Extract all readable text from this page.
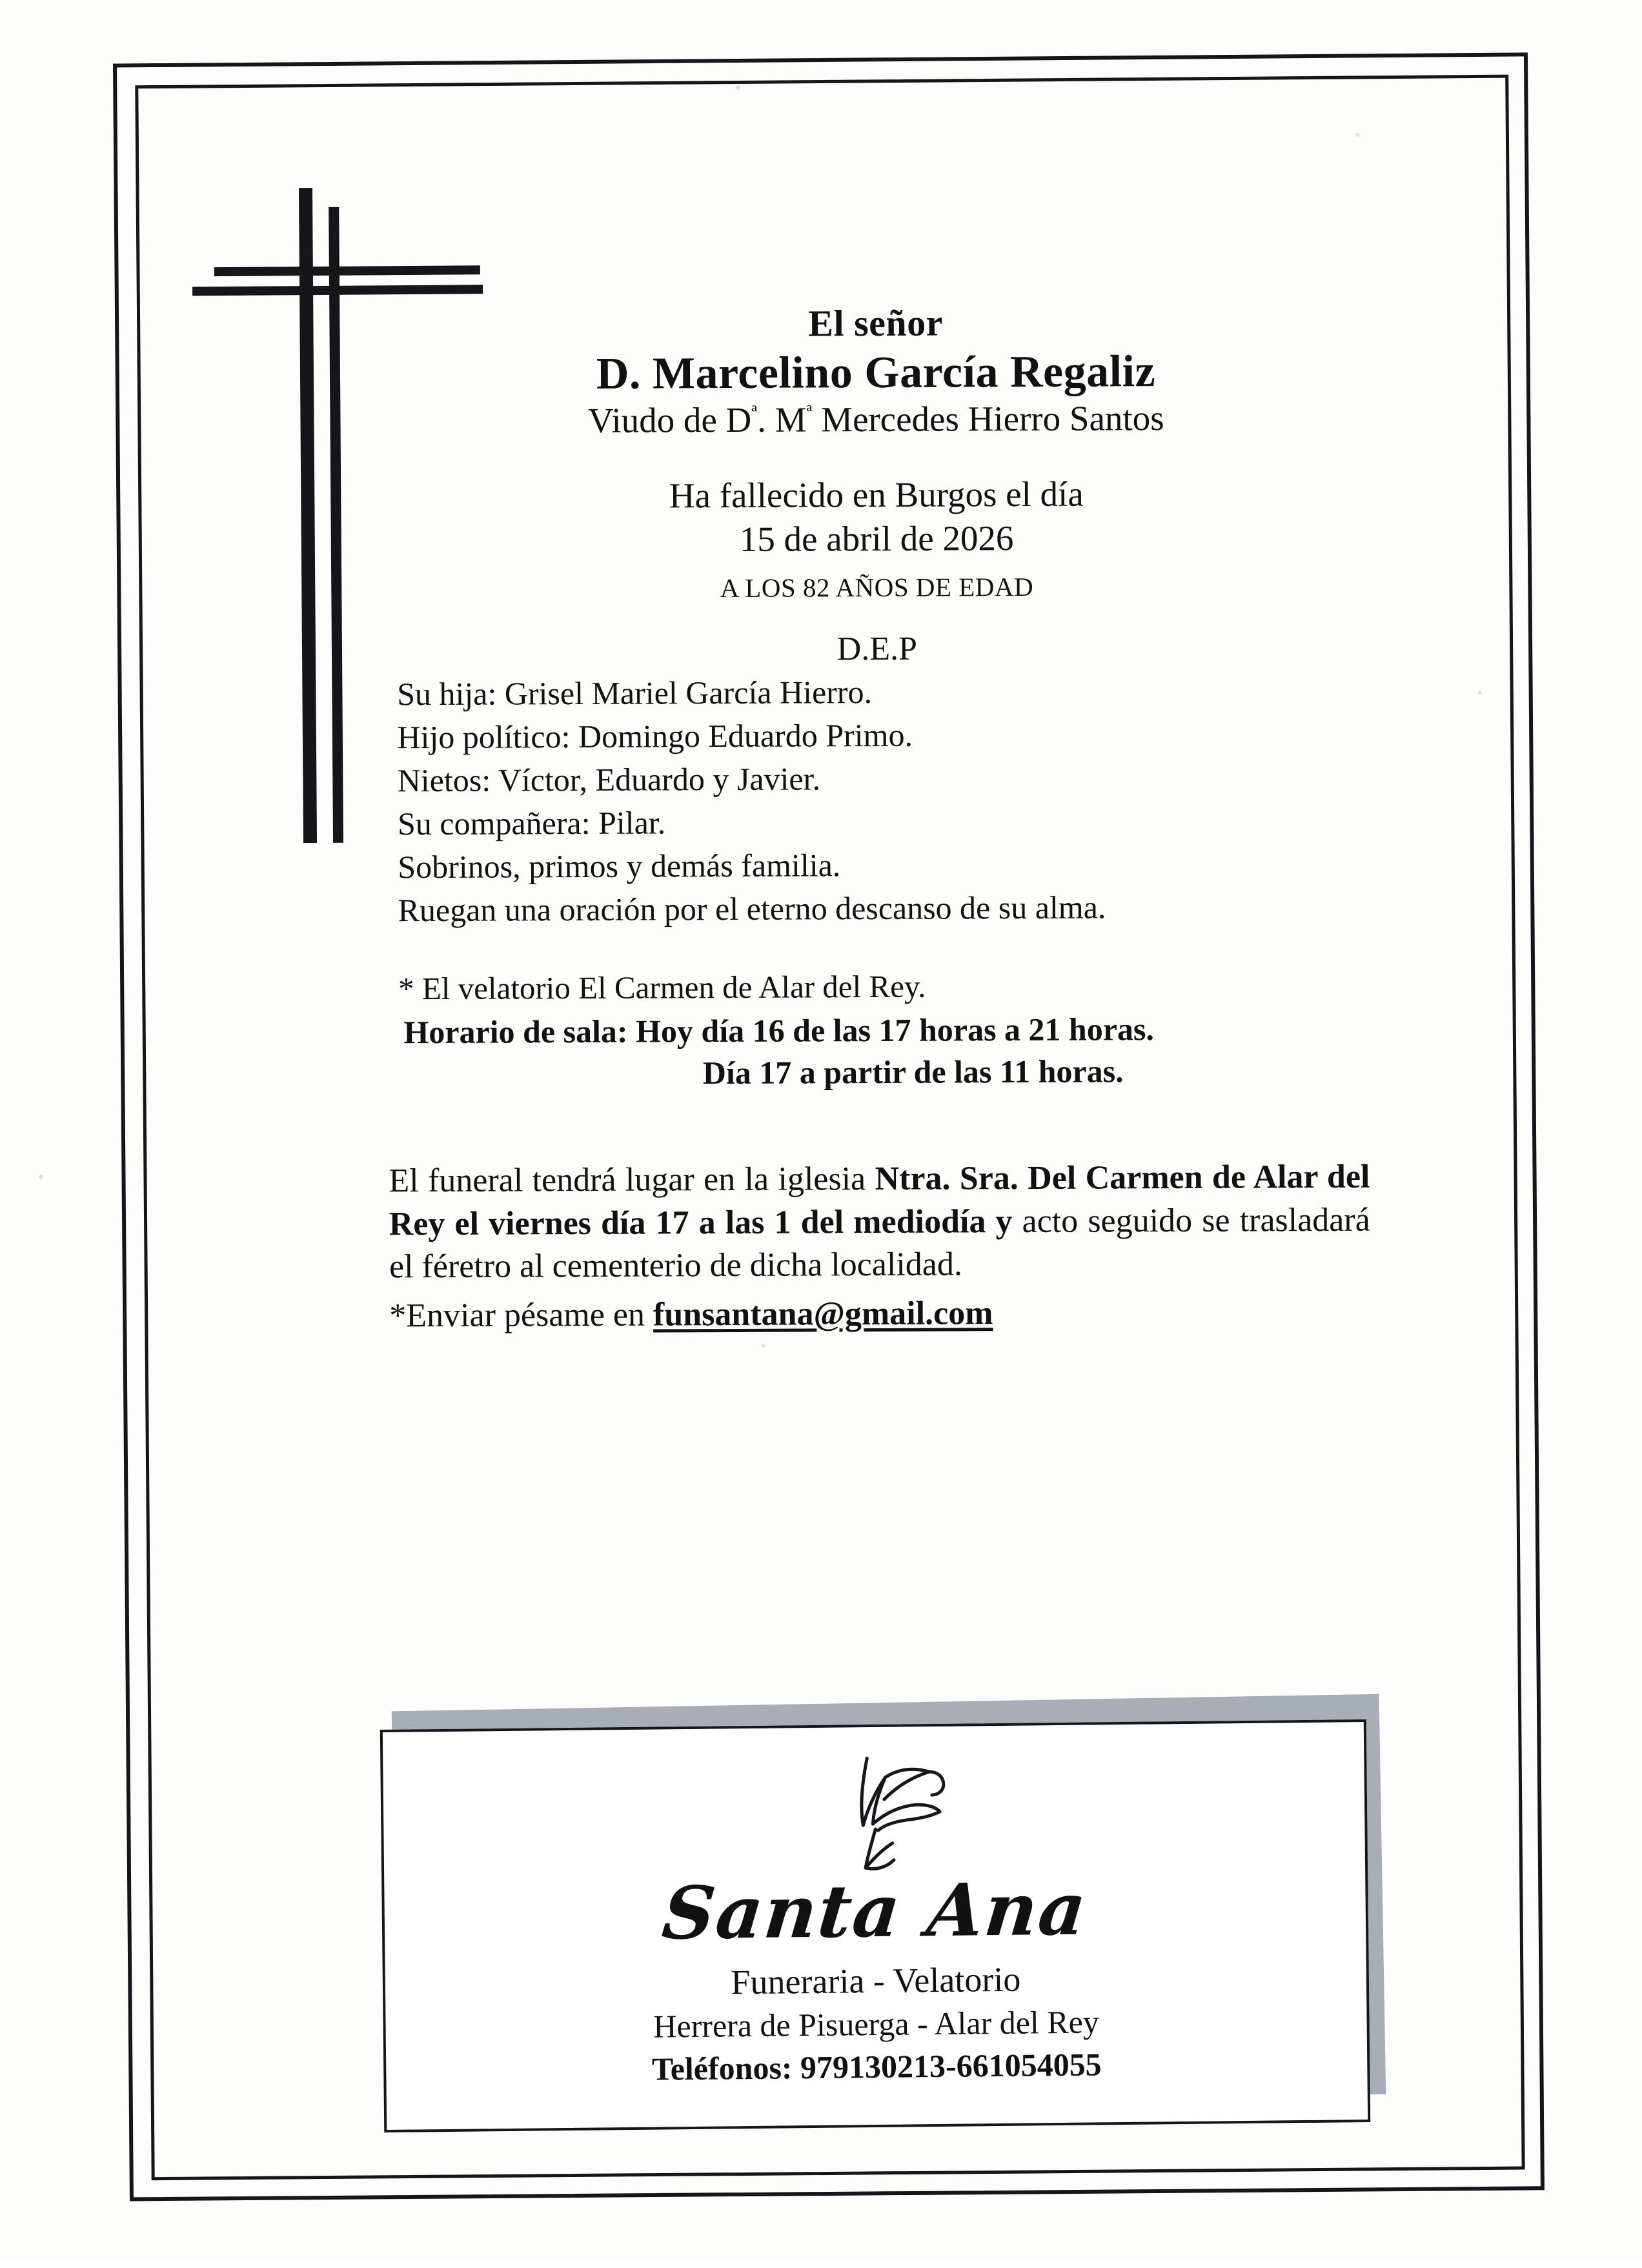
El señor
D. Marcelino García Regaliz
Viudo de $D^ª$. $M^ª$ Mercedes Hierro Santos
Ha fallecido en Burgos el día
15 de abril de 2026
A LOS 82 AÑOS DE EDAD
D.E.P
Su hija: Grisel Mariel García Hierro.
Hijo político: Domingo Eduardo Primo.
Nietos: Víctor, Eduardo y Javier.
Su compañera: Pilar.
Sobrinos, primos y demás familia.
Ruegan una oración por el eterno descanso de su alma.
* El velatorio El Carmen de Alar del Rey.
Horario de sala: Hoy día 16 de las 17 horas a 21 horas.
Día 17 a partir de las 11 horas.
El funeral tendrá lugar en la iglesia Ntra. Sra. Del Carmen de Alar del Rey el viernes día 17 a las 1 del mediodía y acto seguido se trasladará el féretro al cementerio de dicha localidad.
*Enviar pésame en funsantana@gmail.com
Santa Ana
Funeraria - Velatorio
Herrera de Pisuerga - Alar del Rey
Teléfonos: 979130213-661054055
